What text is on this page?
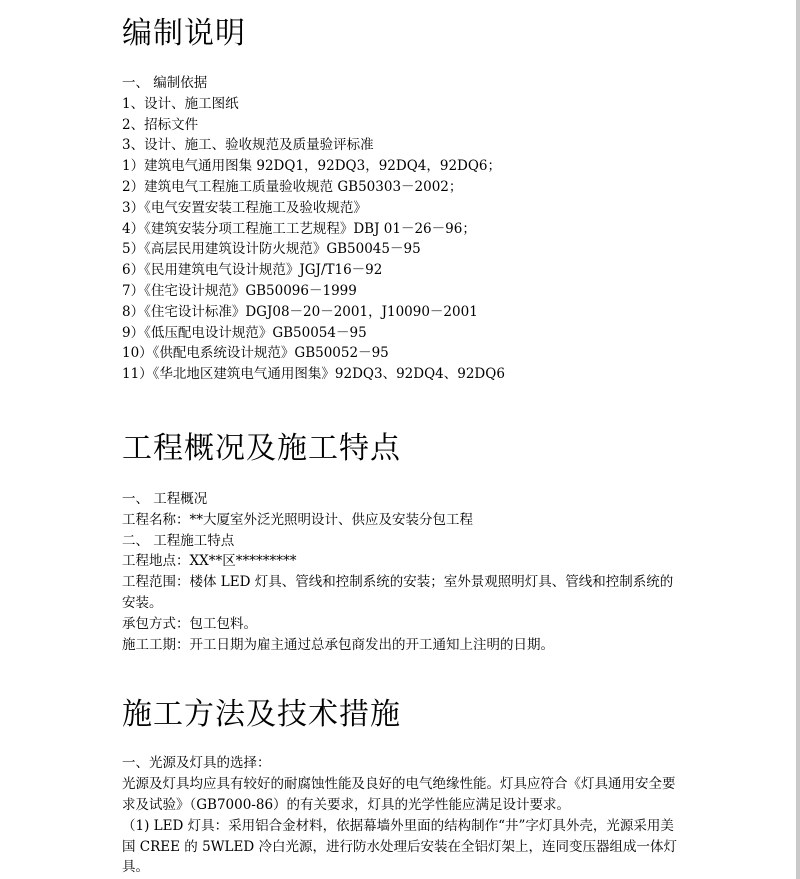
编制说明

一、 编制依据

1、设计、施工图纸

2、招标文件

3、设计、施工、验收规范及质量验评标准

1）建筑电气通用图集 92DQ1，92DQ3，92DQ4，92DQ6；

2）建筑电气工程施工质量验收规范 GB50303－2002；

3）《电气安置安装工程施工及验收规范》

4）《建筑安装分项工程施工工艺规程》DBJ 01－26－96；

5）《高层民用建筑设计防火规范》GB50045－95

6）《民用建筑电气设计规范》JGJ/T16－92

7）《住宅设计规范》GB50096－1999

8）《住宅设计标准》DGJ08－20－2001，J10090－2001

9）《低压配电设计规范》GB50054－95

10）《供配电系统设计规范》GB50052－95

11）《华北地区建筑电气通用图集》92DQ3、92DQ4、92DQ6

工程概况及施工特点

一、 工程概况

工程名称：**大厦室外泛光照明设计、供应及安装分包工程

二、 工程施工特点

工程地点：XX**区*********

工程范围：楼体 LED 灯具、管线和控制系统的安装；室外景观照明灯具、管线和控制系统的安装。

承包方式：包工包料。

施工工期：开工日期为雇主通过总承包商发出的开工通知上注明的日期。

施工方法及技术措施

一、光源及灯具的选择：

光源及灯具均应具有较好的耐腐蚀性能及良好的电气绝缘性能。灯具应符合《灯具通用安全要求及试验》（GB7000-86）的有关要求，灯具的光学性能应满足设计要求。

（1) LED 灯具：采用铝合金材料，依据幕墙外里面的结构制作“井”字灯具外壳，光源采用美国 CREE 的 5WLED 冷白光源，进行防水处理后安装在全铝灯架上，连同变压器组成一体灯具。
